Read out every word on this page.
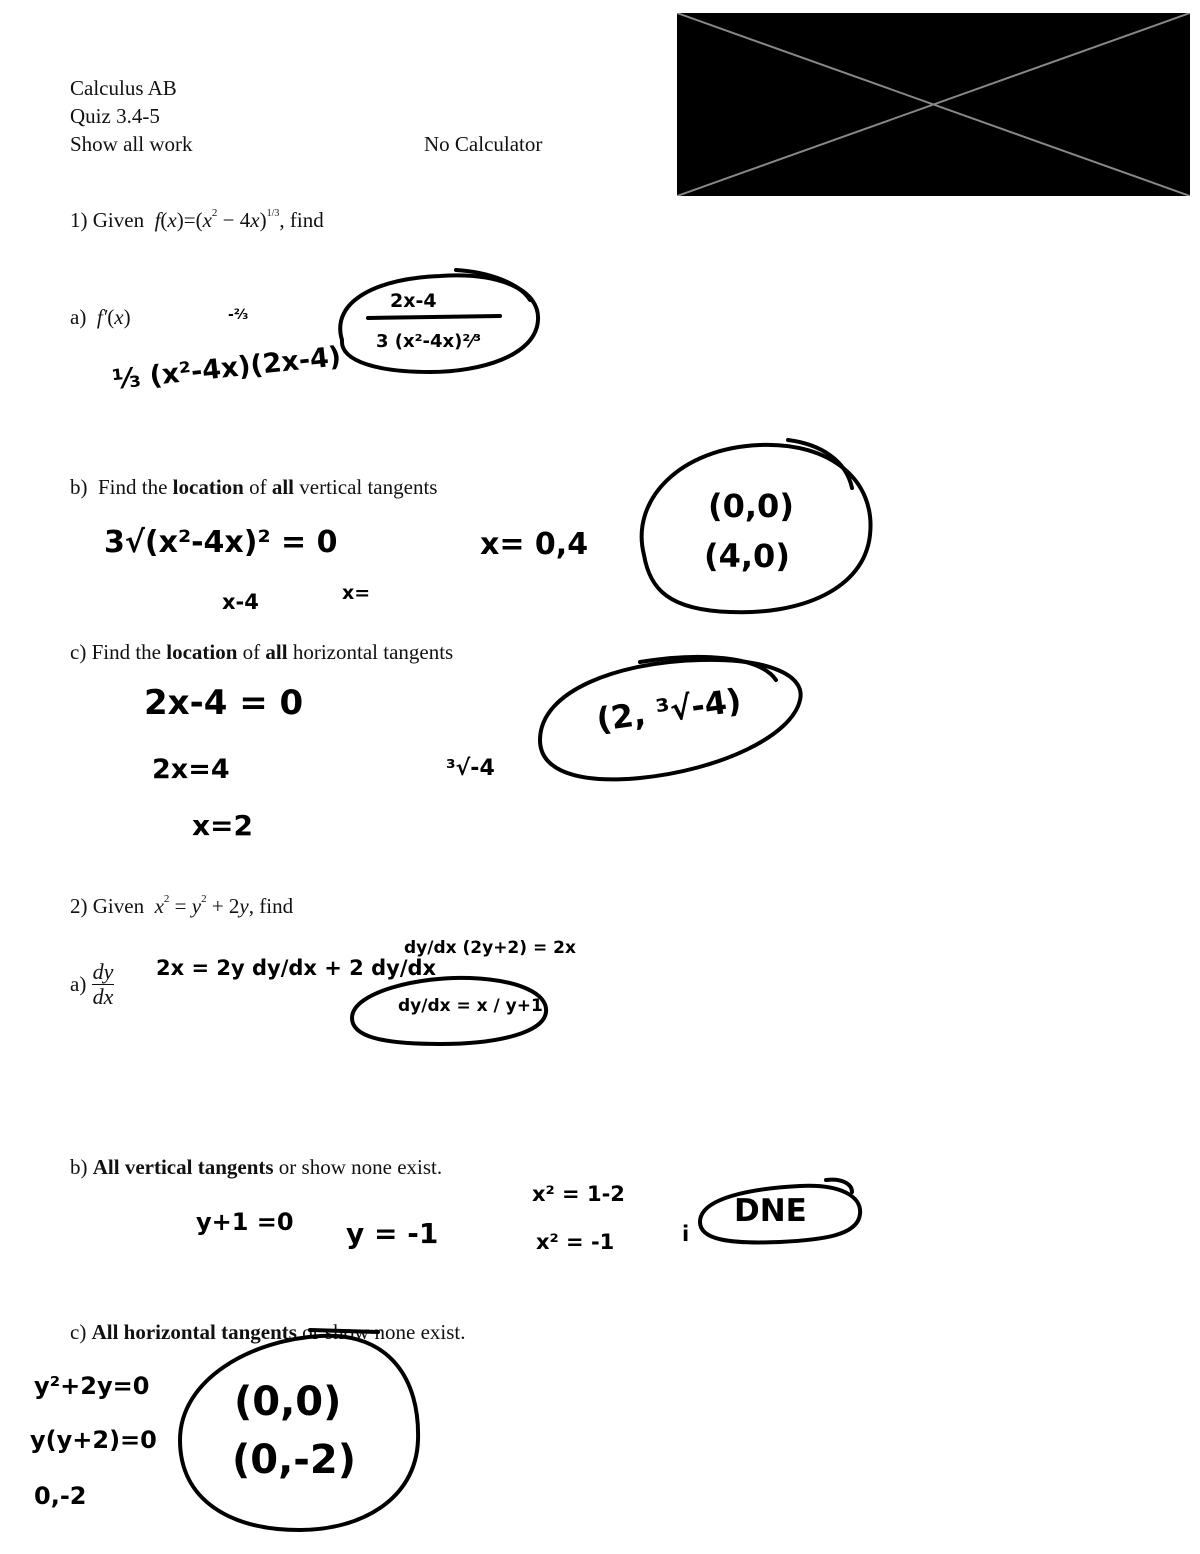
Calculus AB
Quiz 3.4-5
Show all work	No Calculator
1) Given  $f(x)=(x^2 - 4x)^{1/3}$, find
a)  f′(x)
b) Find the location of all vertical tangents
c) Find the location of all horizontal tangents
2) Given  $x^2 = y^2 + 2y$, find
$a) \frac{dy}{dx}$
b) All vertical tangents or show none exist.
c) All horizontal tangents or show none exist.
⅓ (x²-4x)(2x-4)
-⅔
2x-4
3 (x²-4x)²⁄³
3√(x²-4x)² = 0
x-4	x=
x= 0,4
(0,0)
(4,0)
2x-4 = 0
2x=4
x=2
³√-4
(2, ³√-4)
2x = 2y dy/dx + 2 dy/dx
dy/dx (2y+2) = 2x
dy/dx = x / y+1
y+1 =0 y = -1
x² = 1-2
x² = -1	i
DNE
y²+2y=0
y(y+2)=0
0,-2
(0,0)
(0,-2)
